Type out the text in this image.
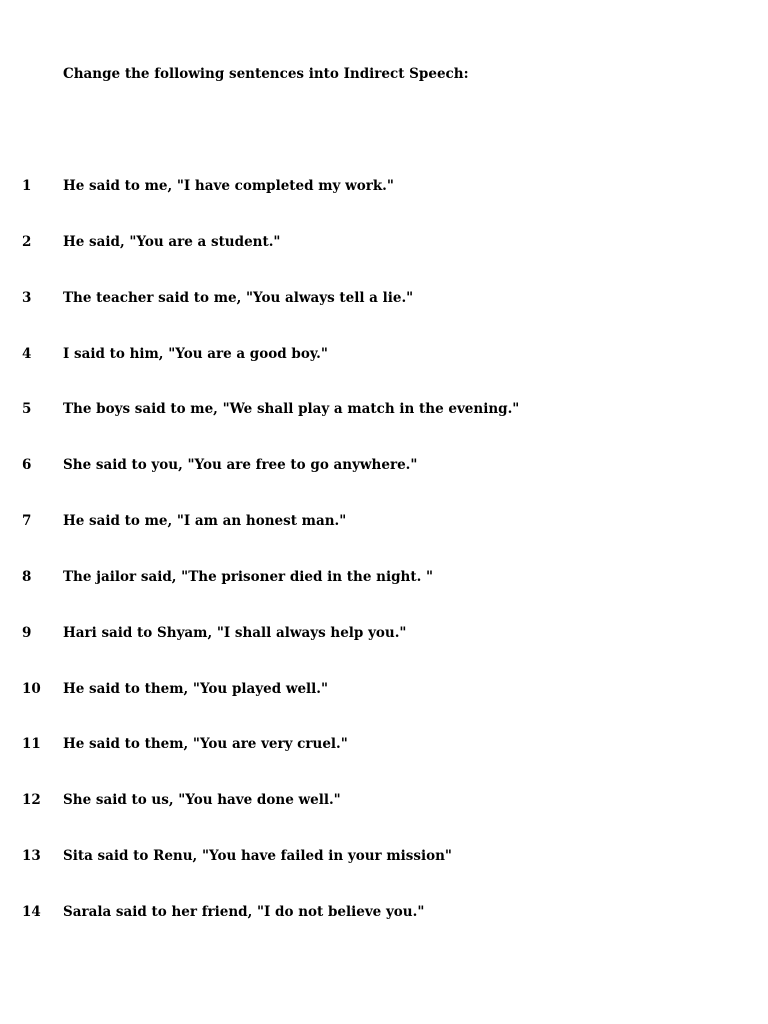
Change the following sentences into Indirect Speech:
1 He said to me, "I have completed my work."
2 He said, "You are a student."
3 The teacher said to me, "You always tell a lie."
4 I said to him, "You are a good boy."
5 The boys said to me, "We shall play a match in the evening."
6 She said to you, "You are free to go anywhere."
7 He said to me, "I am an honest man."
8 The jailor said, "The prisoner died in the night. "
9 Hari said to Shyam, "I shall always help you."
10 He said to them, "You played well."
11 He said to them, "You are very cruel."
12 She said to us, "You have done well."
13 Sita said to Renu, "You have failed in your mission"
14 Sarala said to her friend, "I do not believe you."
